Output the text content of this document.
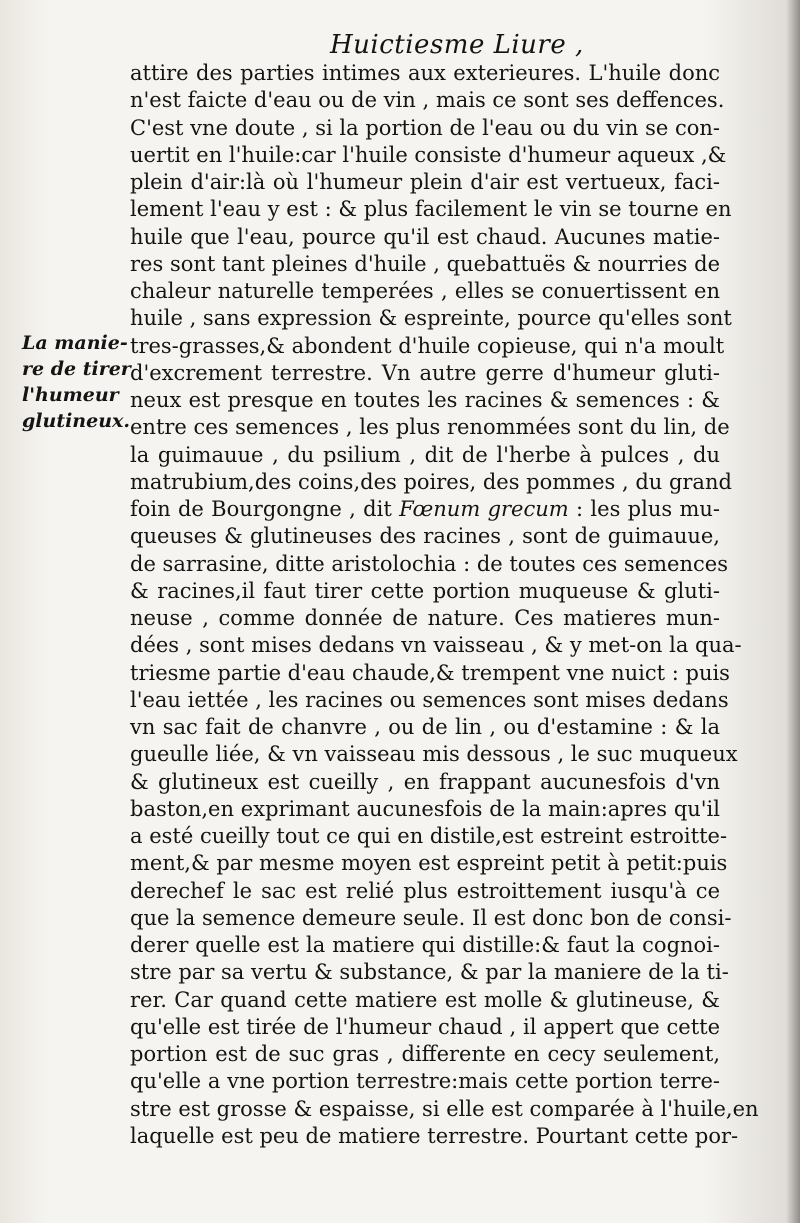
Huictiesme Liure ,
La manie-
re de tirer
l'humeur
glutineux.
attire des parties intimes aux exterieures. L'huile donc
n'est faicte d'eau ou de vin , mais ce sont ses deffences.
C'est vne doute , si la portion de l'eau ou du vin se con-
uertit en l'huile:car l'huile consiste d'humeur aqueux ,&
plein d'air:là où l'humeur plein d'air est vertueux, faci-
lement l'eau y est : & plus facilement le vin se tourne en
huile que l'eau, pource qu'il est chaud. Aucunes matie-
res sont tant pleines d'huile , quebattuës & nourries de
chaleur naturelle temperées , elles se conuertissent en
huile , sans expression & espreinte, pource qu'elles sont
tres-grasses,& abondent d'huile copieuse, qui n'a moult
d'excrement terrestre. Vn autre gerre d'humeur gluti-
neux est presque en toutes les racines & semences : &
entre ces semences , les plus renommées sont du lin, de
la guimauue , du psilium , dit de l'herbe à pulces , du
matrubium,des coins,des poires, des pommes , du grand
foin de Bourgongne , dit Fœnum grecum : les plus mu-
queuses & glutineuses des racines , sont de guimauue,
de sarrasine, ditte aristolochia : de toutes ces semences
& racines,il faut tirer cette portion muqueuse & gluti-
neuse , comme donnée de nature. Ces matieres mun-
dées , sont mises dedans vn vaisseau , & y met-on la qua-
triesme partie d'eau chaude,& trempent vne nuict : puis
l'eau iettée , les racines ou semences sont mises dedans
vn sac fait de chanvre , ou de lin , ou d'estamine : & la
gueulle liée, & vn vaisseau mis dessous , le suc muqueux
& glutineux est cueilly , en frappant aucunesfois d'vn
baston,en exprimant aucunesfois de la main:apres qu'il
a esté cueilly tout ce qui en distile,est estreint estroitte-
ment,& par mesme moyen est espreint petit à petit:puis
derechef le sac est relié plus estroittement iusqu'à ce
que la semence demeure seule. Il est donc bon de consi-
derer quelle est la matiere qui distille:& faut la cognoi-
stre par sa vertu & substance, & par la maniere de la ti-
rer. Car quand cette matiere est molle & glutineuse, &
qu'elle est tirée de l'humeur chaud , il appert que cette
portion est de suc gras , differente en cecy seulement,
qu'elle a vne portion terrestre:mais cette portion terre-
stre est grosse & espaisse, si elle est comparée à l'huile,en
laquelle est peu de matiere terrestre. Pourtant cette por-
